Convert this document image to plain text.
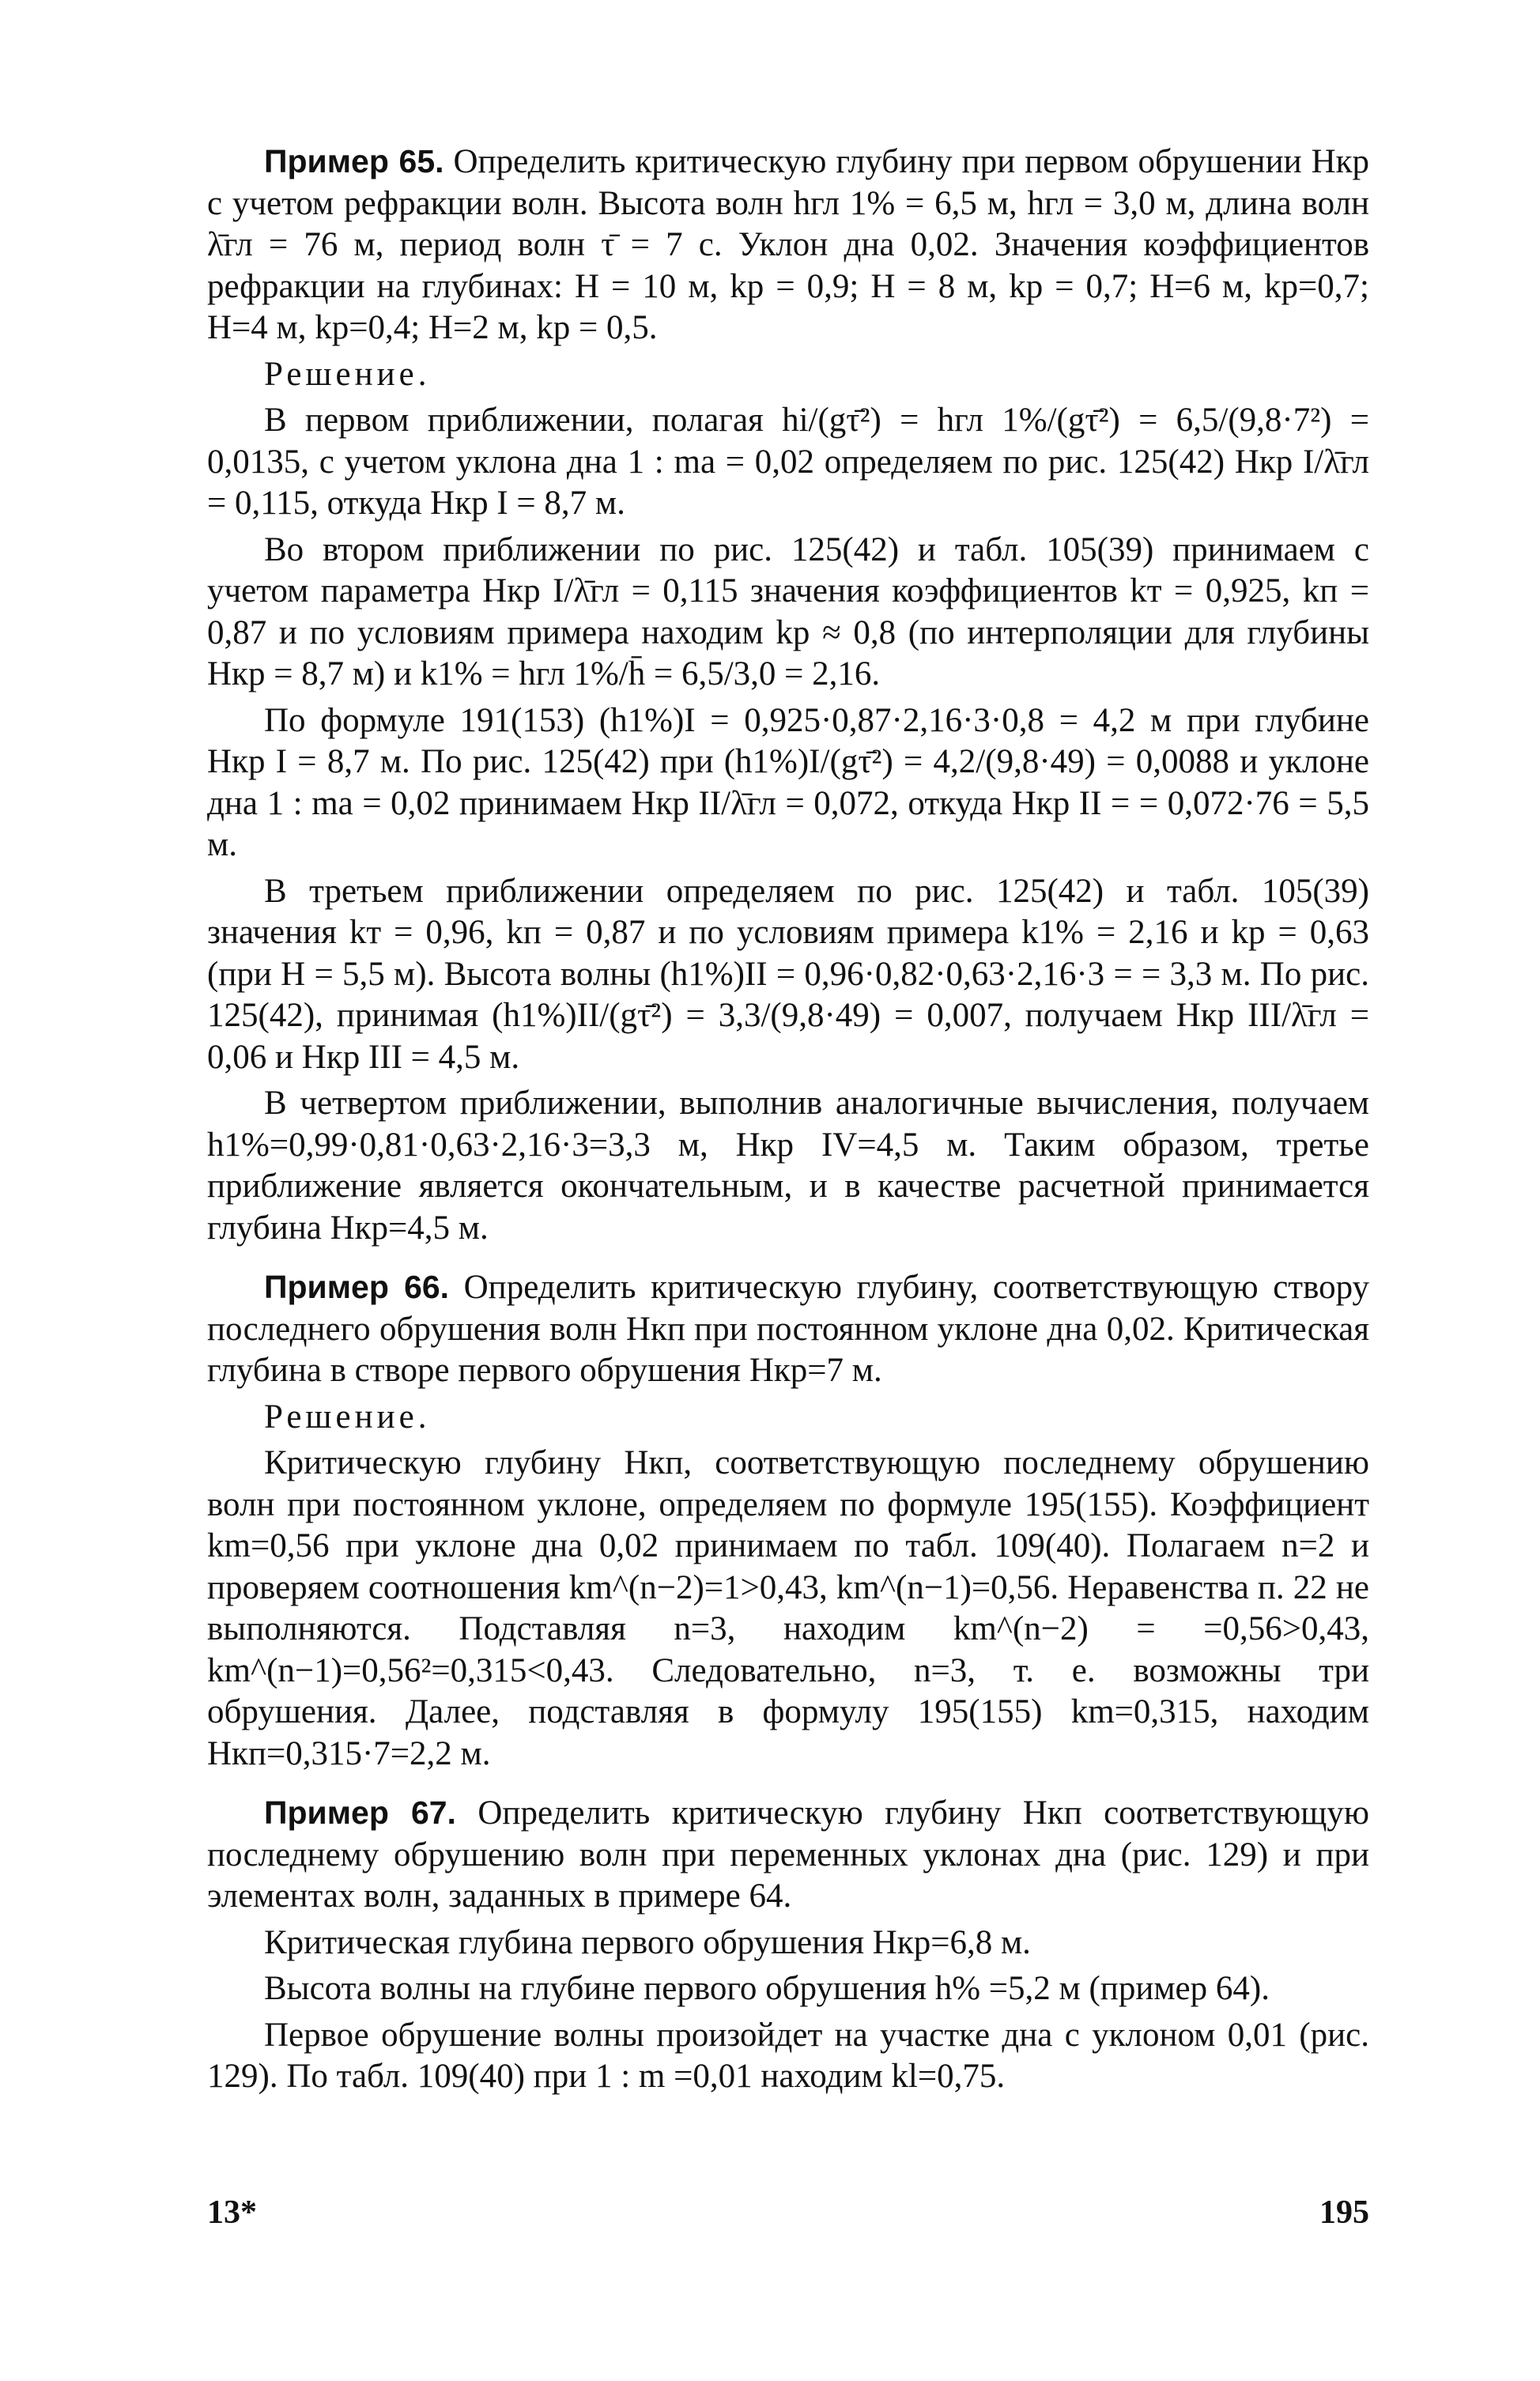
Пример 65. Определить критическую глубину при первом обрушении Hкр с учетом рефракции волн. Высота волн hгл 1% = 6,5 м, hгл = 3,0 м, длина волн λ̄гл = 76 м, период волн τ̄ = 7 с. Уклон дна 0,02. Значения коэффициентов рефракции на глубинах: H = 10 м, kр = 0,9; H = 8 м, kр = 0,7; H=6 м, kр=0,7; H=4 м, kр=0,4; H=2 м, kр = 0,5.

Решение.

В первом приближении, полагая hi/(gτ̄²) = hгл 1%/(gτ̄²) = 6,5/(9,8·7²) = 0,0135, с учетом уклона дна 1 : ma = 0,02 определяем по рис. 125(42) Hкр I/λ̄гл = 0,115, откуда Hкр I = 8,7 м.

Во втором приближении по рис. 125(42) и табл. 105(39) принимаем с учетом параметра Hкр I/λ̄гл = 0,115 значения коэффициентов kт = 0,925, kп = 0,87 и по условиям примера находим kр ≈ 0,8 (по интерполяции для глубины Hкр = 8,7 м) и k1% = hгл 1%/h̄ = 6,5/3,0 = 2,16.

По формуле 191(153) (h1%)I = 0,925·0,87·2,16·3·0,8 = 4,2 м при глубине Hкр I = 8,7 м. По рис. 125(42) при (h1%)I/(gτ̄²) = 4,2/(9,8·49) = 0,0088 и уклоне дна 1 : ma = 0,02 принимаем Hкр II/λ̄гл = 0,072, откуда Hкр II = = 0,072·76 = 5,5 м.

В третьем приближении определяем по рис. 125(42) и табл. 105(39) значения kт = 0,96, kп = 0,87 и по условиям примера k1% = 2,16 и kр = 0,63 (при H = 5,5 м). Высота волны (h1%)II = 0,96·0,82·0,63·2,16·3 = = 3,3 м. По рис. 125(42), принимая (h1%)II/(gτ̄²) = 3,3/(9,8·49) = 0,007, получаем Hкр III/λ̄гл = 0,06 и Hкр III = 4,5 м.

В четвертом приближении, выполнив аналогичные вычисления, получаем h1%=0,99·0,81·0,63·2,16·3=3,3 м, Hкр IV=4,5 м. Таким образом, третье приближение является окончательным, и в качестве расчетной принимается глубина Hкр=4,5 м.

Пример 66. Определить критическую глубину, соответствующую створу последнего обрушения волн Hкп при постоянном уклоне дна 0,02. Критическая глубина в створе первого обрушения Hкр=7 м.

Решение.

Критическую глубину Hкп, соответствующую последнему обрушению волн при постоянном уклоне, определяем по формуле 195(155). Коэффициент km=0,56 при уклоне дна 0,02 принимаем по табл. 109(40). Полагаем n=2 и проверяем соотношения km^(n−2)=1>0,43, km^(n−1)=0,56. Неравенства п. 22 не выполняются. Подставляя n=3, находим km^(n−2) = =0,56>0,43, km^(n−1)=0,56²=0,315<0,43. Следовательно, n=3, т. е. возможны три обрушения. Далее, подставляя в формулу 195(155) km=0,315, находим Hкп=0,315·7=2,2 м.

Пример 67. Определить критическую глубину Hкп соответствующую последнему обрушению волн при переменных уклонах дна (рис. 129) и при элементах волн, заданных в примере 64.

Критическая глубина первого обрушения Hкр=6,8 м.

Высота волны на глубине первого обрушения h% =5,2 м (пример 64).

Первое обрушение волны произойдет на участке дна с уклоном 0,01 (рис. 129). По табл. 109(40) при 1 : m =0,01 находим kl=0,75.

13*	195
